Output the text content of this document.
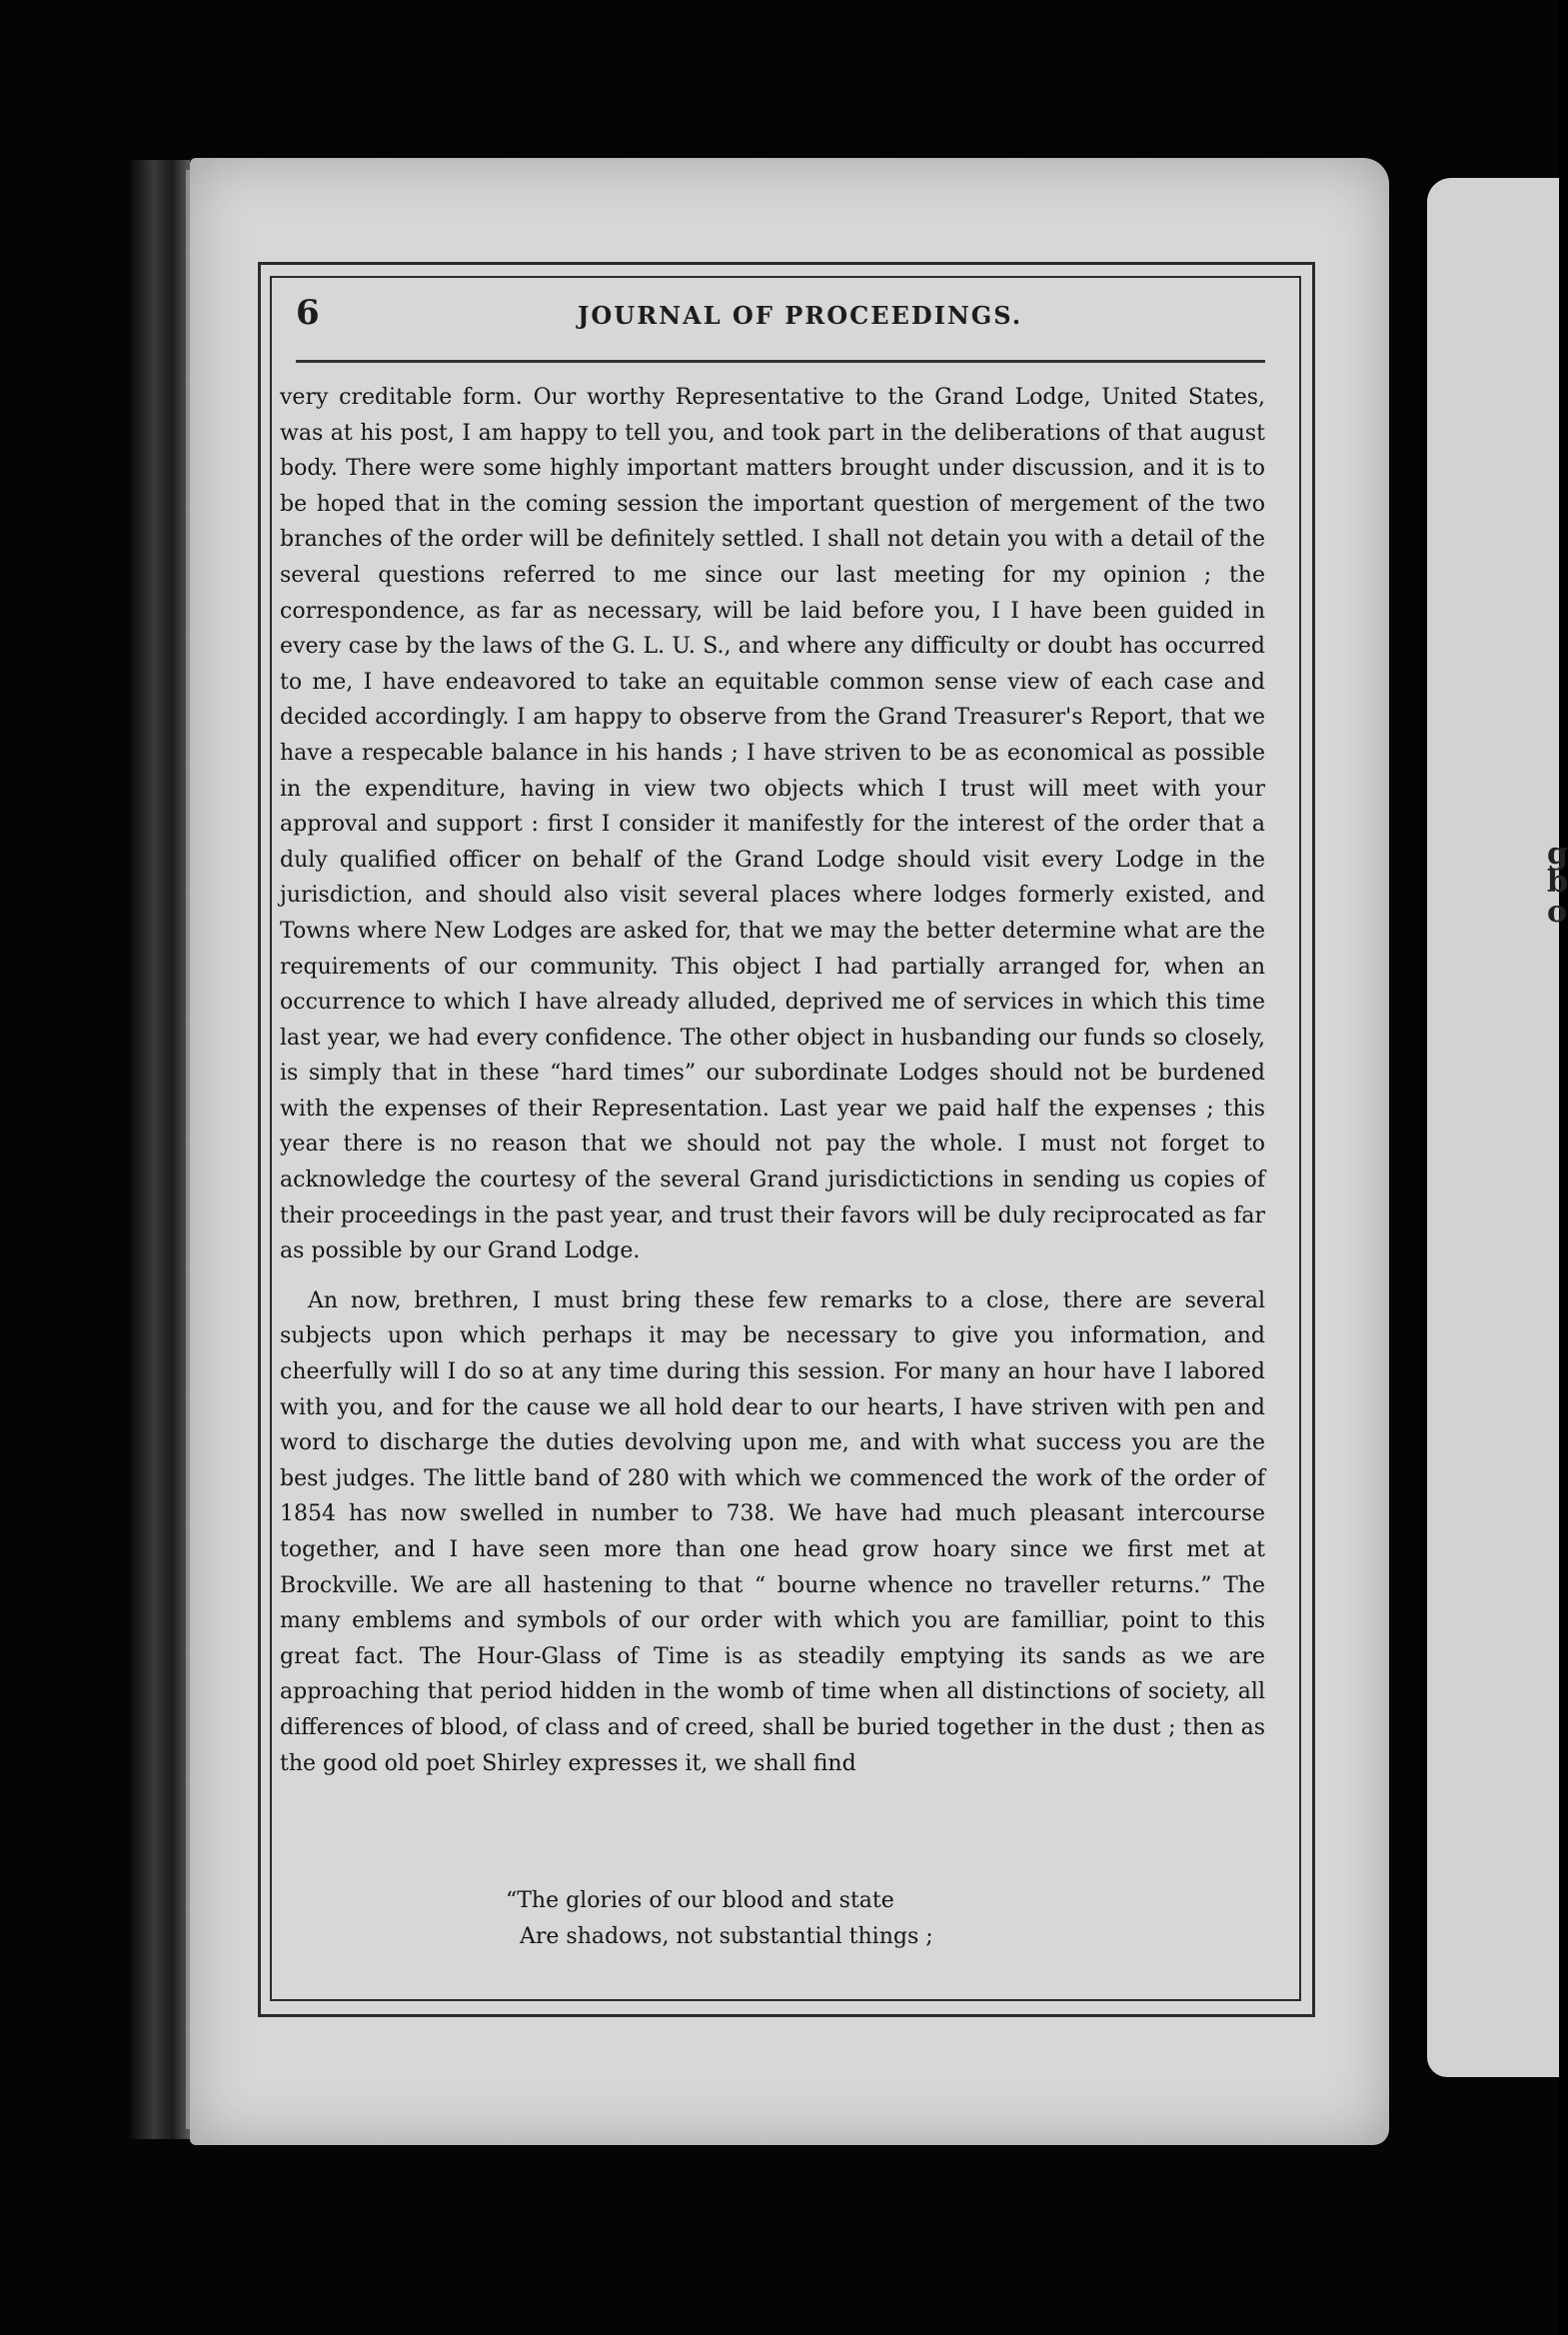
g
b
o
6	JOURNAL OF PROCEEDINGS.

very creditable form. Our worthy Representative to the Grand Lodge, United States, was at his post, I am happy to tell you, and took part in the deliberations of that august body. There were some highly important matters brought under discussion, and it is to be hoped that in the coming session the important question of mergement of the two branches of the order will be definitely settled. I shall not detain you with a detail of the several questions referred to me since our last meeting for my opinion ; the correspondence, as far as necessary, will be laid before you, I I have been guided in every case by the laws of the G. L. U. S., and where any difficulty or doubt has occurred to me, I have endeavored to take an equitable common sense view of each case and decided accordingly. I am happy to observe from the Grand Treasurer's Report, that we have a respecable balance in his hands ; I have striven to be as economical as possible in the expenditure, having in view two objects which I trust will meet with your approval and support : first I consider it manifestly for the interest of the order that a duly qualified officer on behalf of the Grand Lodge should visit every Lodge in the jurisdiction, and should also visit several places where lodges formerly existed, and Towns where New Lodges are asked for, that we may the better determine what are the requirements of our community. This object I had partially arranged for, when an occurrence to which I have already alluded, deprived me of services in which this time last year, we had every confidence. The other object in husbanding our funds so closely, is simply that in these “hard times” our subordinate Lodges should not be burdened with the expenses of their Representation. Last year we paid half the expenses ; this year there is no reason that we should not pay the whole. I must not forget to acknowledge the courtesy of the several Grand jurisdictictions in sending us copies of their proceedings in the past year, and trust their favors will be duly reciprocated as far as possible by our Grand Lodge.

An now, brethren, I must bring these few remarks to a close, there are several subjects upon which perhaps it may be necessary to give you information, and cheerfully will I do so at any time during this session. For many an hour have I labored with you, and for the cause we all hold dear to our hearts, I have striven with pen and word to discharge the duties devolving upon me, and with what success you are the best judges. The little band of 280 with which we commenced the work of the order of 1854 has now swelled in number to 738. We have had much pleasant intercourse together, and I have seen more than one head grow hoary since we first met at Brockville. We are all hastening to that “ bourne whence no traveller returns.” The many emblems and symbols of our order with which you are familliar, point to this great fact. The Hour-Glass of Time is as steadily emptying its sands as we are approaching that period hidden in the womb of time when all distinctions of society, all differences of blood, of class and of creed, shall be buried together in the dust ; then as the good old poet Shirley expresses it, we shall find

“The glories of our blood and state
Are shadows, not substantial things ;
